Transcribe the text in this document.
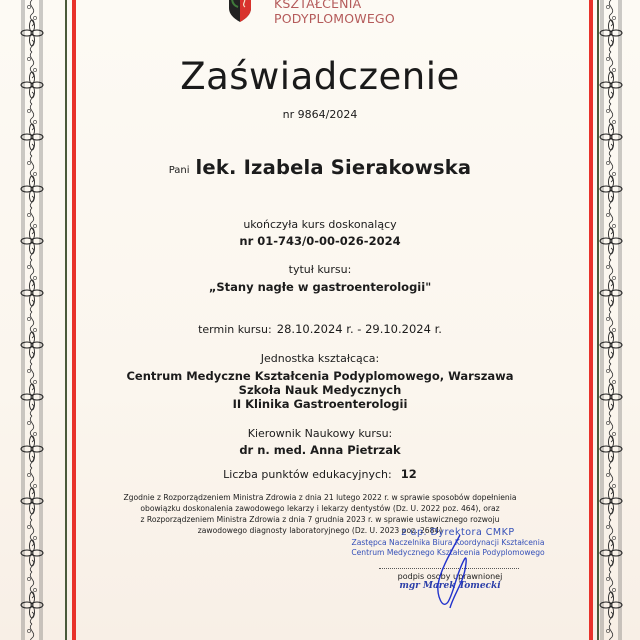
KSZTAŁCENIA
PODYPLOMOWEGO
Zaświadczenie
nr 9864/2024
Pani lek. Izabela Sierakowska
ukończyła kurs doskonalący
nr 01-743/0-00-026-2024
tytuł kursu:
„Stany nagłe w gastroenterologii"
termin kursu: 28.10.2024 r. - 29.10.2024 r.
Jednostka kształcąca:
Centrum Medyczne Kształcenia Podyplomowego, Warszawa
Szkoła Nauk Medycznych
II Klinika Gastroenterologii
Kierownik Naukowy kursu:
dr n. med. Anna Pietrzak
Liczba punktów edukacyjnych: 12
Zgodnie z Rozporządzeniem Ministra Zdrowia z dnia 21 lutego 2022 r. w sprawie sposobów dopełnienia
obowiązku doskonalenia zawodowego lekarzy i lekarzy dentystów (Dz. U. 2022 poz. 464), oraz
z Rozporządzeniem Ministra Zdrowia z dnia 7 grudnia 2023 r. w sprawie ustawicznego rozwoju
zawodowego diagnosty laboratoryjnego (Dz. U. 2023 poz. 2684)
z up. Dyrektora CMKP
Zastępca Naczelnika Biura Koordynacji Kształcenia
Centrum Medycznego Kształcenia Podyplomowego
podpis osoby uprawnionej
mgr Marek Tomecki
